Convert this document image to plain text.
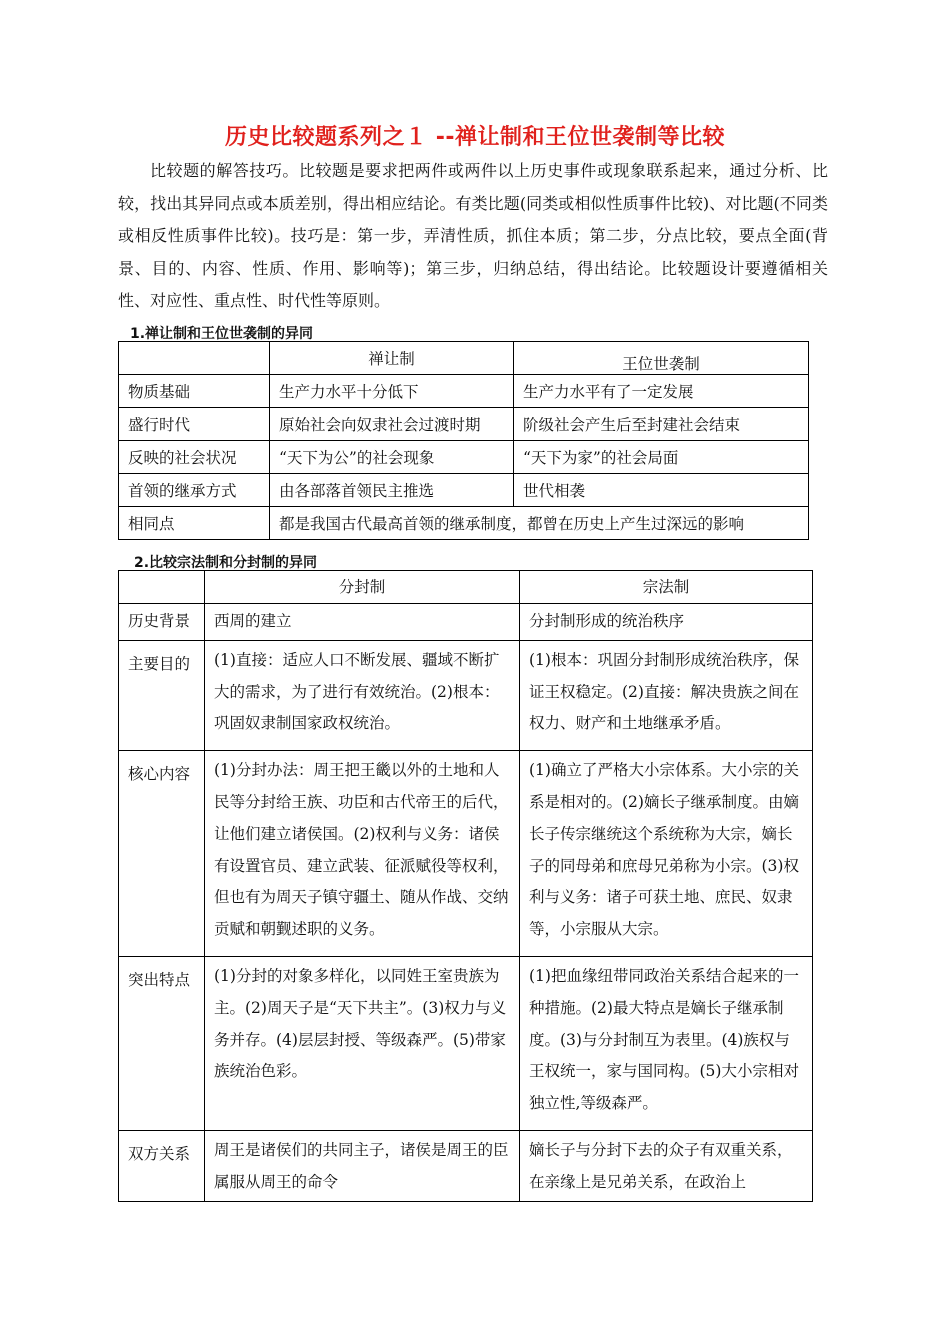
历史比较题系列之１ --禅让制和王位世袭制等比较

比较题的解答技巧。比较题是要求把两件或两件以上历史事件或现象联系起来，通过分析、比较，找出其异同点或本质差别，得出相应结论。有类比题(同类或相似性质事件比较)、对比题(不同类或相反性质事件比较)。技巧是：第一步，弄清性质，抓住本质；第二步，分点比较，要点全面(背景、目的、内容、性质、作用、影响等)；第三步，归纳总结，得出结论。比较题设计要遵循相关性、对应性、重点性、时代性等原则。

1.禅让制和王位世袭制的异同
	禅让制	王位世袭制
物质基础	生产力水平十分低下	生产力水平有了一定发展
盛行时代	原始社会向奴隶社会过渡时期	阶级社会产生后至封建社会结束
反映的社会状况	“天下为公”的社会现象	“天下为家”的社会局面
首领的继承方式	由各部落首领民主推选	世代相袭
相同点	都是我国古代最高首领的继承制度，都曾在历史上产生过深远的影响	
2.比较宗法制和分封制的异同
	分封制	宗法制
历史背景	西周的建立	分封制形成的统治秩序
主要目的	(1)直接：适应人口不断发展、疆域不断扩大的需求，为了进行有效统治。(2)根本：巩固奴隶制国家政权统治。	(1)根本：巩固分封制形成统治秩序，保证王权稳定。(2)直接：解决贵族之间在权力、财产和土地继承矛盾。
核心内容	(1)分封办法：周王把王畿以外的土地和人民等分封给王族、功臣和古代帝王的后代，让他们建立诸侯国。(2)权利与义务：诸侯有设置官员、建立武装、征派赋役等权利，　但也有为周天子镇守疆土、随从作战、交纳贡赋和朝觐述职的义务。	(1)确立了严格大小宗体系。大小宗的关系是相对的。(2)嫡长子继承制度。由嫡长子传宗继统这个系统称为大宗，嫡长子的同母弟和庶母兄弟称为小宗。(3)权利与义务：诸子可获土地、庶民、奴隶等，小宗服从大宗。
突出特点	(1)分封的对象多样化，以同姓王室贵族为主。(2)周天子是“天下共主”。(3)权力与义务并存。(4)层层封授、等级森严。(5)带家族统治色彩。	(1)把血缘纽带同政治关系结合起来的一种措施。(2)最大特点是嫡长子继承制度。(3)与分封制互为表里。(4)族权与王权统一，家与国同构。(5)大小宗相对独立性,等级森严。
双方关系	周王是诸侯们的共同主子，诸侯是周王的臣属服从周王的命令	嫡长子与分封下去的众子有双重关系，在亲缘上是兄弟关系，在政治上
